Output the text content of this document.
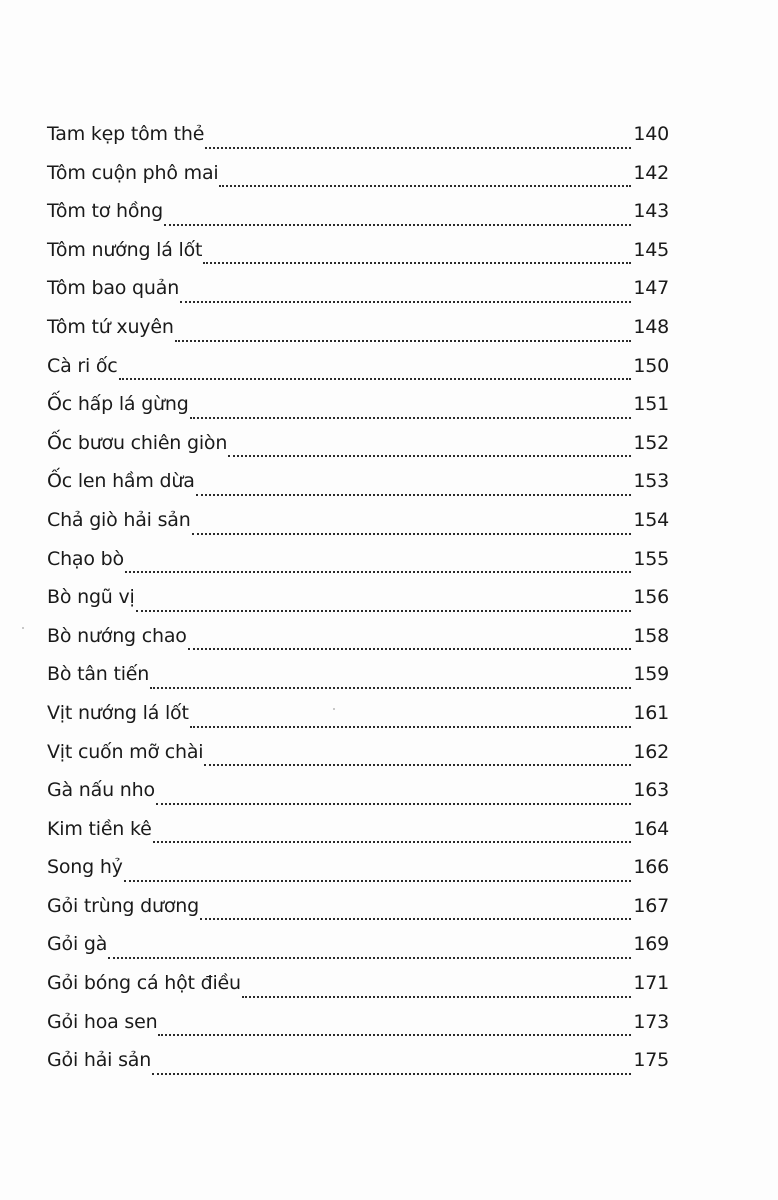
Tam kẹp tôm thẻ	140
Tôm cuộn phô mai	142
Tôm tơ hồng	143
Tôm nướng lá lốt	145
Tôm bao quản	147
Tôm tứ xuyên	148
Cà ri ốc	150
Ốc hấp lá gừng	151
Ốc bươu chiên giòn	152
Ốc len hầm dừa	153
Chả giò hải sản	154
Chạo bò	155
Bò ngũ vị	156
Bò nướng chao	158
Bò tân tiến	159
Vịt nướng lá lốt	161
Vịt cuốn mỡ chài	162
Gà nấu nho	163
Kim tiền kê	164
Song hỷ	166
Gỏi trùng dương	167
Gỏi gà	169
Gỏi bóng cá hột điều	171
Gỏi hoa sen	173
Gỏi hải sản	175
